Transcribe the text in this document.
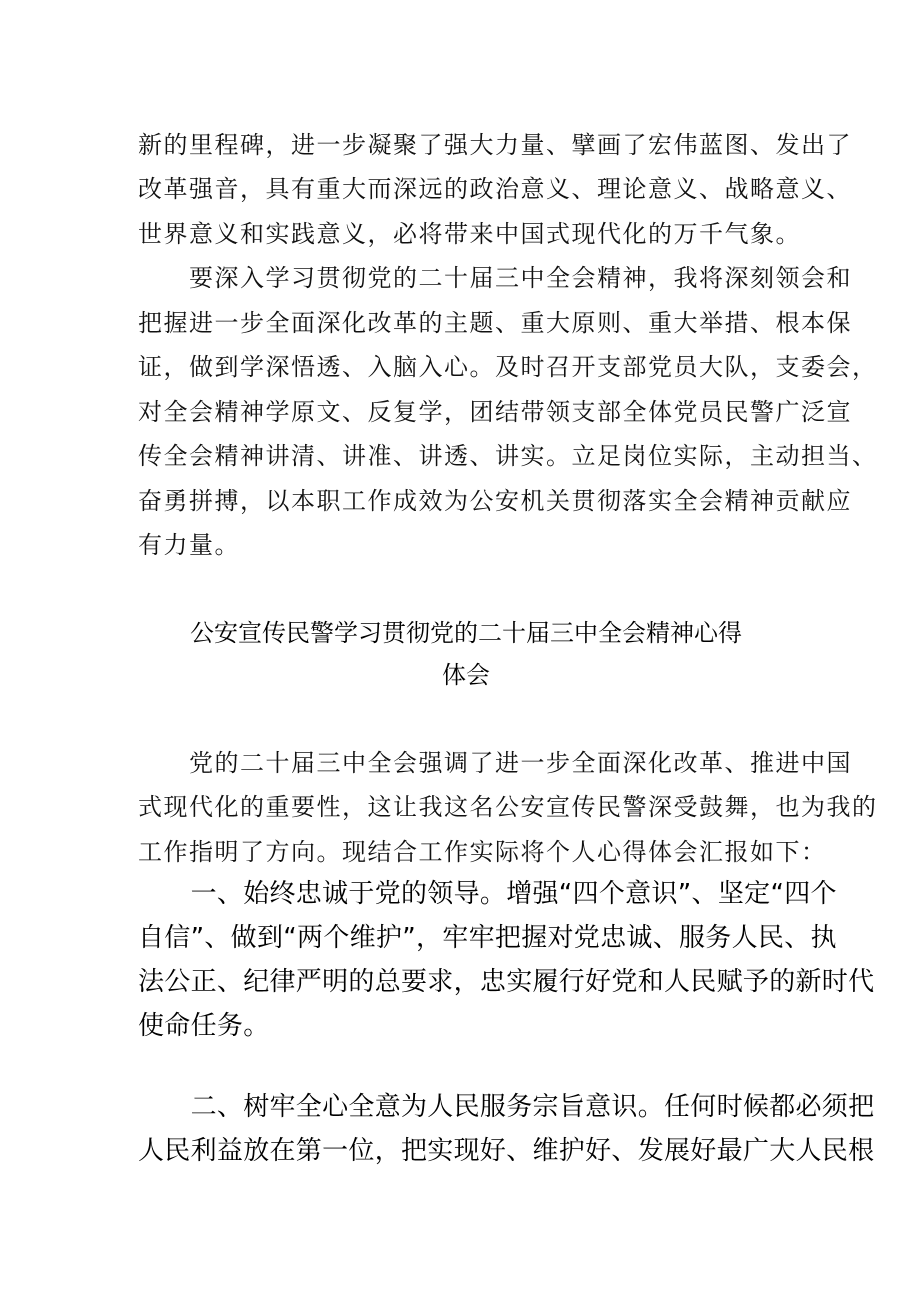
新的里程碑，进一步凝聚了强大力量、擘画了宏伟蓝图、发出了
改革强音，具有重大而深远的政治意义、理论意义、战略意义、
世界意义和实践意义，必将带来中国式现代化的万千气象。
　　要深入学习贯彻党的二十届三中全会精神，我将深刻领会和
把握进一步全面深化改革的主题、重大原则、重大举措、根本保
证，做到学深悟透、入脑入心。及时召开支部党员大队，支委会，
对全会精神学原文、反复学，团结带领支部全体党员民警广泛宣
传全会精神讲清、讲准、讲透、讲实。立足岗位实际，主动担当、
奋勇拼搏，以本职工作成效为公安机关贯彻落实全会精神贡献应
有力量。
公安宣传民警学习贯彻党的二十届三中全会精神心得
体会
　　党的二十届三中全会强调了进一步全面深化改革、推进中国
式现代化的重要性，这让我这名公安宣传民警深受鼓舞，也为我的
工作指明了方向。现结合工作实际将个人心得体会汇报如下：
　　一、始终忠诚于党的领导。增强“四个意识”、坚定“四个
自信”、做到“两个维护”，牢牢把握对党忠诚、服务人民、执
法公正、纪律严明的总要求，忠实履行好党和人民赋予的新时代
使命任务。
　　二、树牢全心全意为人民服务宗旨意识。任何时候都必须把
人民利益放在第一位，把实现好、维护好、发展好最广大人民根
